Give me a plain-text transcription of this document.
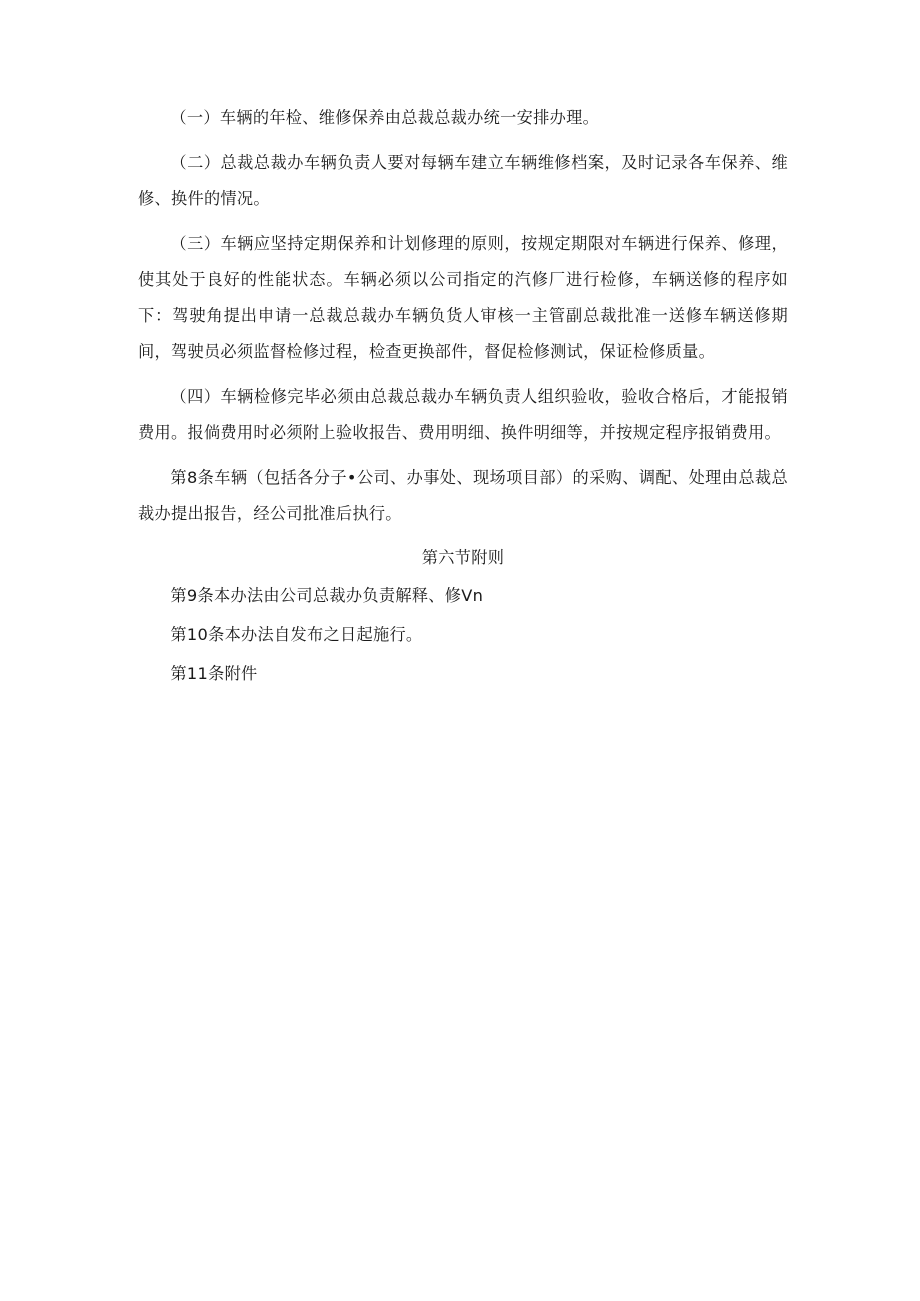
（一）车辆的年检、维修保养由总裁总裁办统一安排办理。

（二）总裁总裁办车辆负责人要对每辆车建立车辆维修档案，及时记录各车保养、维修、换件的情况。

（三）车辆应坚持定期保养和计划修理的原则，按规定期限对车辆进行保养、修理，使其处于良好的性能状态。车辆必须以公司指定的汽修厂进行检修，车辆送修的程序如下：驾驶角提出申请一总裁总裁办车辆负货人审核一主管副总裁批准一送修车辆送修期间，驾驶员必须监督检修过程，检查更换部件，督促检修测试，保证检修质量。

（四）车辆检修完毕必须由总裁总裁办车辆负责人组织验收，验收合格后，才能报销费用。报倘费用时必须附上验收报告、费用明细、换件明细等，并按规定程序报销费用。

第8条车辆（包括各分子•公司、办事处、现场项目部）的采购、调配、处理由总裁总裁办提出报告，经公司批准后执行。

第六节附则

第9条本办法由公司总裁办负责解释、修Vn

第10条本办法自发布之日起施行。

第11条附件
